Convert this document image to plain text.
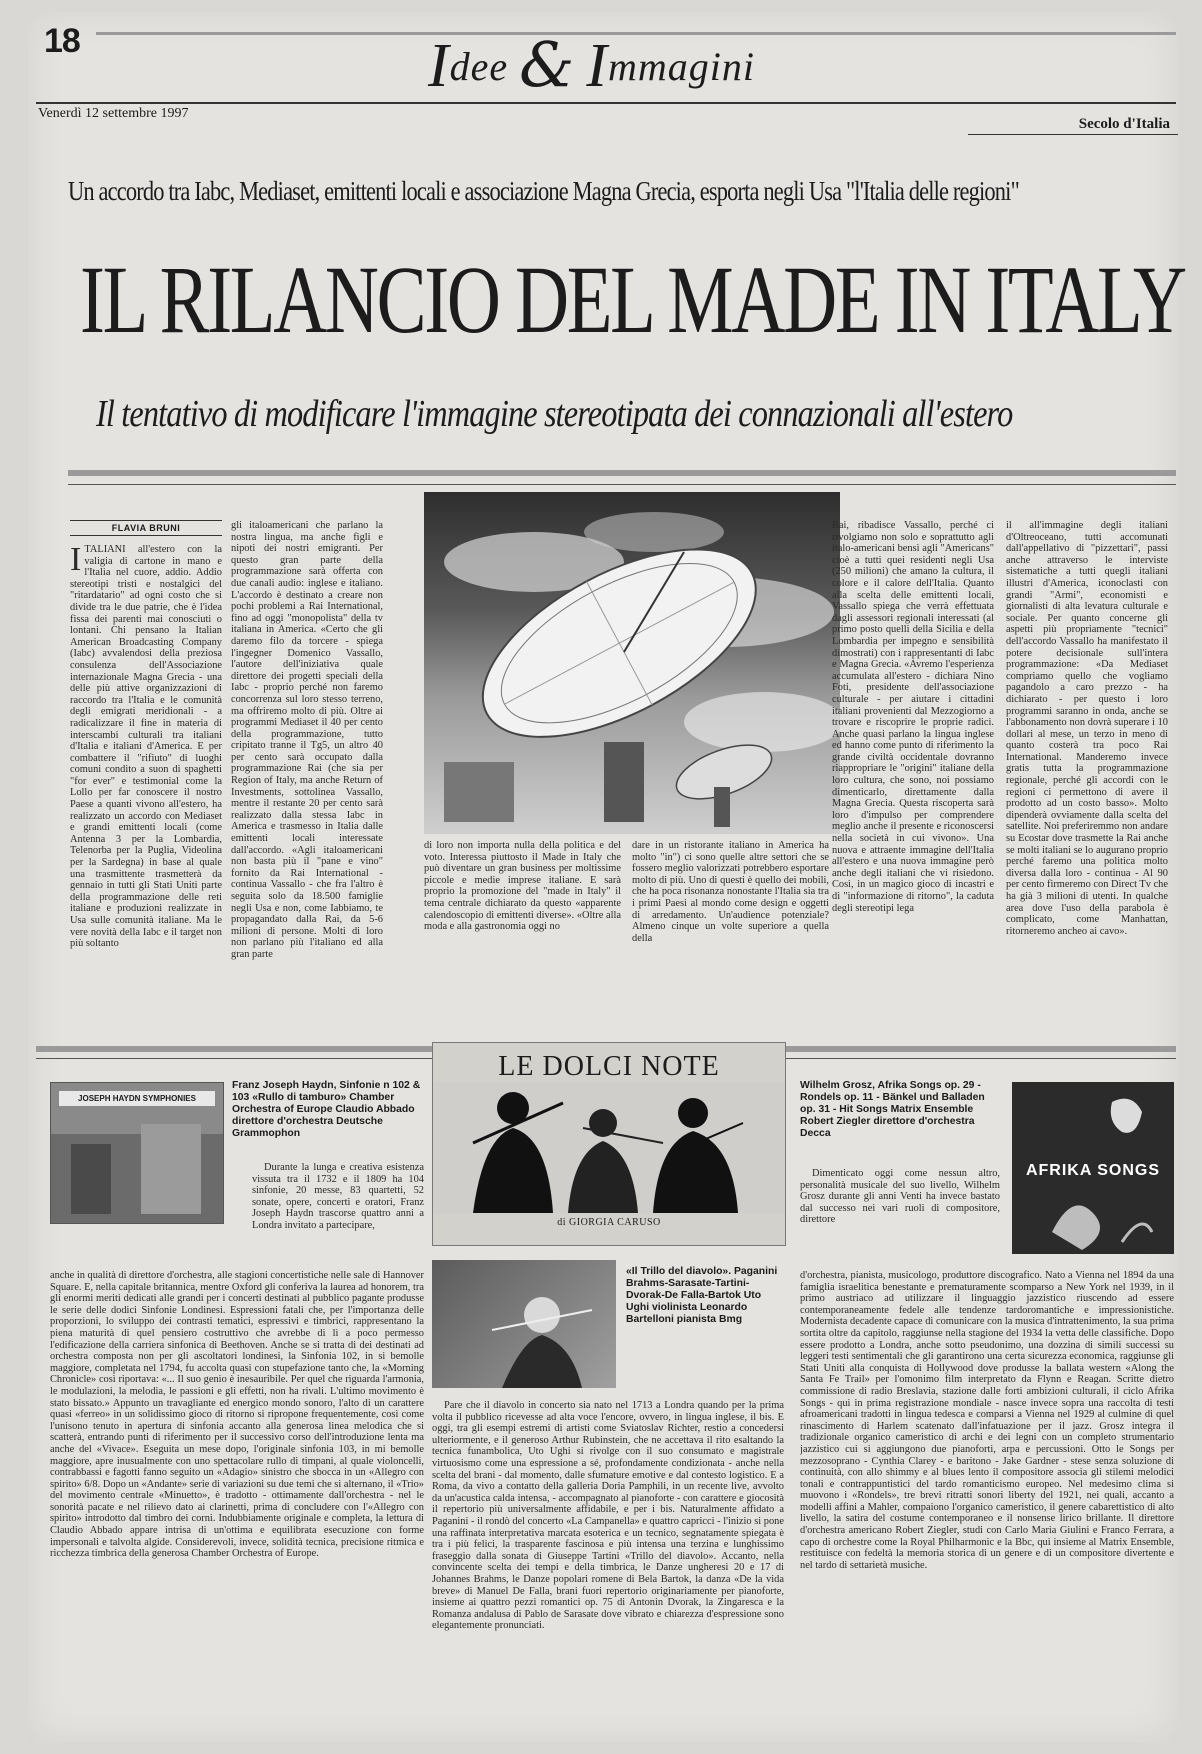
18	Idee & Immagini
Venerdì 12 settembre 1997
Secolo d'Italia
Un accordo tra Iabc, Mediaset, emittenti locali e associazione Magna Grecia, esporta negli Usa "l'Italia delle regioni"
IL RILANCIO DEL MADE IN ITALY
Il tentativo di modificare l'immagine stereotipata dei connazionali all'estero
FLAVIA BRUNI

ITALIANI all'estero con la valigia di cartone in mano e l'Italia nel cuore, addio. Addio stereotipi tristi e nostalgici del "ritardatario" ad ogni costo che si divide tra le due patrie, che è l'idea fissa dei parenti mai conosciuti o lontani. Chi pensano la Italian American Broadcasting Company (Iabc) avvalendosi della preziosa consulenza dell'Associazione internazionale Magna Grecia - una delle più attive organizzazioni di raccordo tra l'Italia e le comunità degli emigrati meridionali - a radicalizzare il fine in materia di interscambi culturali tra italiani d'Italia e italiani d'America. E per combattere il "rifiuto" di luoghi comuni condito a suon di spaghetti "for ever" e testimonial come la Lollo per far conoscere il nostro Paese a quanti vivono all'estero, ha realizzato un accordo con Mediaset e grandi emittenti locali (come Antenna 3 per la Lombardia, Telenorba per la Puglia, Videolina per la Sardegna) in base al quale una trasmittente trasmetterà da gennaio in tutti gli Stati Uniti parte della programmazione delle reti italiane e produzioni realizzate in Usa sulle comunità italiane. Ma le vere novità della Iabc e il target non più soltanto

gli italoamericani che parlano la nostra lingua, ma anche figli e nipoti dei nostri emigranti. Per questo gran parte della programmazione sarà offerta con due canali audio: inglese e italiano. L'accordo è destinato a creare non pochi problemi a Rai International, fino ad oggi "monopolista" della tv italiana in America. «Certo che gli daremo filo da torcere - spiega l'ingegner Domenico Vassallo, l'autore dell'iniziativa quale direttore dei progetti speciali della Iabc - proprio perché non faremo concorrenza sul loro stesso terreno, ma offriremo molto di più. Oltre ai programmi Mediaset il 40 per cento della programmazione, tutto cripitato tranne il Tg5, un altro 40 per cento sarà occupato dalla programmazione Rai (che sia per Region of Italy, ma anche Return of Investments, sottolinea Vassallo, mentre il restante 20 per cento sarà realizzato dalla stessa Iabc in America e trasmesso in Italia dalle emittenti locali interessate dall'accordo. «Agli italoamericani non basta più il "pane e vino" fornito da Rai International - continua Vassallo - che fra l'altro è seguita solo da 18.500 famiglie negli Usa e non, come Iabbiamo, te propagandato dalla Rai, da 5-6 milioni di persone. Molti di loro non parlano più l'italiano ed alla gran parte

di loro non importa nulla della politica e del voto. Interessa piuttosto il Made in Italy che può diventare un gran business per moltissime piccole e medie imprese italiane. E sarà proprio la promozione del "made in Italy" il tema centrale dichiarato da questo «apparente calendoscopio di emittenti diverse». «Oltre alla moda e alla gastronomia oggi no

dare in un ristorante italiano in America ha molto "in") ci sono quelle altre settori che se fossero meglio valorizzati potrebbero esportare molto di più. Uno di questi è quello dei mobili, che ha poca risonanza nonostante l'Italia sia tra i primi Paesi al mondo come design e oggetti di arredamento. Un'audience potenziale? Almeno cinque un volte superiore a quella della

Rai, ribadisce Vassallo, perché ci rivolgiamo non solo e soprattutto agli italo-americani bensì agli "Americans" cioè a tutti quei residenti negli Usa (250 milioni) che amano la cultura, il colore e il calore dell'Italia. Quanto alla scelta delle emittenti locali, Vassallo spiega che verrà effettuata dagli assessori regionali interessati (al primo posto quelli della Sicilia e della Lombardia per impegno e sensibilità dimostrati) con i rappresentanti di Iabc e Magna Grecia. «Avremo l'esperienza accumulata all'estero - dichiara Nino Foti, presidente dell'associazione culturale - per aiutare i cittadini italiani provenienti dal Mezzogiorno a trovare e riscoprire le proprie radici. Anche quasi parlano la lingua inglese ed hanno come punto di riferimento la grande civiltà occidentale dovranno riappropriare le "origini" italiane della loro cultura, che sono, noi possiamo dimenticarlo, direttamente dalla Magna Grecia. Questa riscoperta sarà loro d'impulso per comprendere meglio anche il presente e riconoscersi nella società in cui vivono». Una nuova e attraente immagine dell'Italia all'estero e una nuova immagine però anche degli italiani che vi risiedono. Così, in un magico gioco di incastri e di "informazione di ritorno", la caduta degli stereotipi lega

il all'immagine degli italiani d'Oltreoceano, tutti accomunati dall'appellativo di "pizzettari", passi anche attraverso le interviste sistematiche a tutti quegli italiani illustri d'America, iconoclasti con grandi "Armi", economisti e giornalisti di alta levatura culturale e sociale. Per quanto concerne gli aspetti più propriamente "tecnici" dell'accordo Vassallo ha manifestato il potere decisionale sull'intera programmazione: «Da Mediaset compriamo quello che vogliamo pagandolo a caro prezzo - ha dichiarato - per questo i loro programmi saranno in onda, anche se l'abbonamento non dovrà superare i 10 dollari al mese, un terzo in meno di quanto costerà tra poco Rai International. Manderemo invece gratis tutta la programmazione regionale, perché gli accordi con le regioni ci permettono di avere il prodotto ad un costo basso». Molto dipenderà ovviamente dalla scelta del satellite. Noi preferiremmo non andare su Ecostar dove trasmette la Rai anche se molti italiani se lo augurano proprio perché faremo una politica molto diversa dalla loro - continua - Al 90 per cento firmeremo con Direct Tv che ha già 3 milioni di utenti. In qualche area dove l'uso della parabola è complicato, come Manhattan, ritorneremo ancheo ai cavo».

LE DOLCI NOTE
di GIORGIA CARUSO
JOSEPH HAYDN SYMPHONIES
Franz Joseph Haydn, Sinfonie n 102 & 103 «Rullo di tamburo» Chamber Orchestra of Europe Claudio Abbado direttore d'orchestra Deutsche Grammophon
Durante la lunga e creativa esistenza vissuta tra il 1732 e il 1809 ha 104 sinfonie, 20 messe, 83 quartetti, 52 sonate, opere, concerti e oratori, Franz Joseph Haydn trascorse quattro anni a Londra invitato a partecipare,
anche in qualità di direttore d'orchestra, alle stagioni concertistiche nelle sale di Hannover Square. E, nella capitale britannica, mentre Oxford gli conferiva la laurea ad honorem, tra gli enormi meriti dedicati alle grandi per i concerti destinati al pubblico pagante produsse le serie delle dodici Sinfonie Londinesi. Espressioni fatali che, per l'importanza delle proporzioni, lo sviluppo dei contrasti tematici, espressivi e timbrici, rappresentano la piena maturità di quel pensiero costruttivo che avrebbe di lì a poco permesso l'edificazione della carriera sinfonica di Beethoven. Anche se si tratta di dei destinati ad orchestra composta non per gli ascoltatori londinesi, la Sinfonia 102, in si bemolle maggiore, completata nel 1794, fu accolta quasi con stupefazione tanto che, la «Morning Chronicle» così riportava: «... Il suo genio è inesauribile. Per quel che riguarda l'armonia, le modulazioni, la melodia, le passioni e gli effetti, non ha rivali. L'ultimo movimento è stato bissato.» Appunto un travagliante ed energico mondo sonoro, l'alto di un carattere quasi «ferreo» in un solidissimo gioco di ritorno si ripropone frequentemente, così come l'unisono tenuto in apertura di sinfonia accanto alla generosa linea melodica che si scatterà, entrando punti di riferimento per il successivo corso dell'introduzione lenta ma anche del «Vivace». Eseguita un mese dopo, l'originale sinfonia 103, in mi bemolle maggiore, apre inusualmente con uno spettacolare rullo di timpani, al quale violoncelli, contrabbassi e fagotti fanno seguito un «Adagio» sinistro che sbocca in un «Allegro con spirito» 6/8. Dopo un «Andante» serie di variazioni su due temi che si alternano, il «Trio» del movimento centrale «Minuetto», è tradotto - ottimamente dall'orchestra - nel le sonorità pacate e nel rilievo dato ai clarinetti, prima di concludere con l'«Allegro con spirito» introdotto dal timbro dei corni. Indubbiamente originale e completa, la lettura di Claudio Abbado appare intrisa di un'ottima e equilibrata esecuzione con forme impersonali e talvolta algide. Considerevoli, invece, solidità tecnica, precisione ritmica e ricchezza timbrica della generosa Chamber Orchestra of Europe.
«Il Trillo del diavolo». Paganini Brahms-Sarasate-Tartini-Dvorak-De Falla-Bartok Uto Ughi violinista Leonardo Bartelloni pianista Bmg
Pare che il diavolo in concerto sia nato nel 1713 a Londra quando per la prima volta il pubblico ricevesse ad alta voce l'encore, ovvero, in lingua inglese, il bis. E oggi, tra gli esempi estremi di artisti come Sviatoslav Richter, restio a concedersi ulteriormente, e il generoso Arthur Rubinstein, che ne accettava il rito esaltando la tecnica funambolica, Uto Ughi si rivolge con il suo consumato e magistrale virtuosismo come una espressione a sé, profondamente condizionata - anche nella scelta del brani - dal momento, dalle sfumature emotive e dal contesto logistico. E a Roma, da vivo a contatto della galleria Doria Pamphili, in un recente live, avvolto da un'acustica calda intensa, - accompagnato al pianoforte - con carattere e giocosità il repertorio più universalmente affidabile, e per i bis. Naturalmente affidato a Paganini - il rondò del concerto «La Campanella» e quattro capricci - l'inizio si pone una raffinata interpretativa marcata esoterica e un tecnico, segnatamente spiegata è tra i più felici, la trasparente fascinosa e più intensa una terzina e lunghissimo fraseggio dalla sonata di Giuseppe Tartini «Trillo del diavolo». Accanto, nella convincente scelta dei tempi e della timbrica, le Danze ungheresi 20 e 17 di Johannes Brahms, le Danze popolari romene di Bela Bartok, la danza «De la vida breve» di Manuel De Falla, brani fuori repertorio originariamente per pianoforte, insieme ai quattro pezzi romantici op. 75 di Antonin Dvorak, la Zingaresca e la Romanza andalusa di Pablo de Sarasate dove vibrato e chiarezza d'espressione sono elegantemente pronunciati.
Wilhelm Grosz, Afrika Songs op. 29 - Rondels op. 11 - Bänkel und Balladen op. 31 - Hit Songs Matrix Ensemble Robert Ziegler direttore d'orchestra Decca
AFRIKA SONGS
Dimenticato oggi come nessun altro, personalità musicale del suo livello, Wilhelm Grosz durante gli anni Venti ha invece bastato dal successo nei vari ruoli di compositore, direttore
d'orchestra, pianista, musicologo, produttore discografico. Nato a Vienna nel 1894 da una famiglia israelitica benestante e prematuramente scomparso a New York nel 1939, in il primo austriaco ad utilizzare il linguaggio jazzistico riuscendo ad essere contemporaneamente fedele alle tendenze tardoromantiche e impressionistiche. Modernista decadente capace di comunicare con la musica d'intrattenimento, la sua prima sortita oltre da capitolo, raggiunse nella stagione del 1934 la vetta delle classifiche. Dopo essere prodotto a Londra, anche sotto pseudonimo, una dozzina di simili successi su leggeri testi sentimentali che gli garantirono una certa sicurezza economica, raggiunse gli Stati Uniti alla conquista di Hollywood dove produsse la ballata western «Along the Santa Fe Trail» per l'omonimo film interpretato da Flynn e Reagan. Scritte dietro commissione di radio Breslavia, stazione dalle forti ambizioni culturali, il ciclo Afrika Songs - qui in prima registrazione mondiale - nasce invece sopra una raccolta di testi afroamericani tradotti in lingua tedesca e comparsi a Vienna nel 1929 al culmine di quel rinascimento di Harlem scatenato dall'infatuazione per il jazz. Grosz integra il tradizionale organico cameristico di archi e dei legni con un completo strumentario jazzistico cui si aggiungono due pianoforti, arpa e percussioni. Otto le Songs per mezzosoprano - Cynthia Clarey - e baritono - Jake Gardner - stese senza soluzione di continuità, con allo shimmy e al blues lento il compositore associa gli stilemi melodici tonali e contrappuntistici del tardo romanticismo europeo. Nel medesimo clima si muovono i «Rondels», tre brevi ritratti sonori liberty del 1921, nei quali, accanto a modelli affini a Mahler, compaiono l'organico cameristico, il genere cabarettistico di alto livello, la satira del costume contemporaneo e il nonsense lirico brillante. Il direttore d'orchestra americano Robert Ziegler, studi con Carlo Maria Giulini e Franco Ferrara, a capo di orchestre come la Royal Philharmonic e la Bbc, qui insieme al Matrix Ensemble, restituisce con fedeltà la memoria storica di un genere e di un compositore divertente e nel tardo di settarietà musiche.
